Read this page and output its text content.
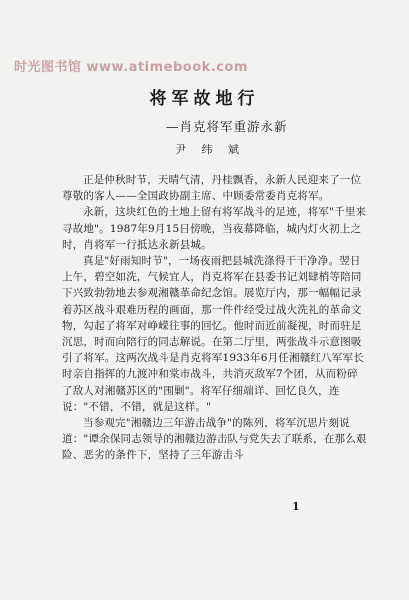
时光图书馆 www.atimebook.com
将军故地行
—肖克将军重游永新
尹 纬 斌

正是仲秋时节，天晴气清，丹桂飘香，永新人民迎来了一位尊敬的客人——全国政协副主席、中顾委常委肖克将军。

永新，这块红色的土地上留有将军战斗的足迹，将军"千里来寻故地"。1987年9月15日傍晚，当夜幕降临，城内灯火初上之时，肖将军一行抵达永新县城。

真是"好雨知时节"，一场夜雨把县城洗涤得干干净净。翌日上午，碧空如洗，气候宜人，肖克将军在县委书记刘肆梢等陪同下兴致勃勃地去参观湘赣革命纪念馆。展览厅内，那一幅幅记录着苏区战斗艰难历程的画面，那一件件经受过战火洗礼的革命文物，勾起了将军对峥嵘往事的回忆。他时而近前凝视，时而驻足沉思，时而向陪行的同志解说。在第二厅里，两张战斗示意图吸引了将军。这两次战斗是肖克将军1933年6月任湘赣红八军军长时亲自指挥的九渡冲和棠市战斗，共消灭敌军7个团，从而粉碎了敌人对湘赣苏区的"围剿"。将军仔细端详、回忆良久，连说："不错，不错，就是这样。"

当参观完"湘赣边三年游击战争"的陈列，将军沉思片刻说道："谭余保同志领导的湘赣边游击队与党失去了联系，在那么艰险、恶劣的条件下，坚持了三年游击斗

1
